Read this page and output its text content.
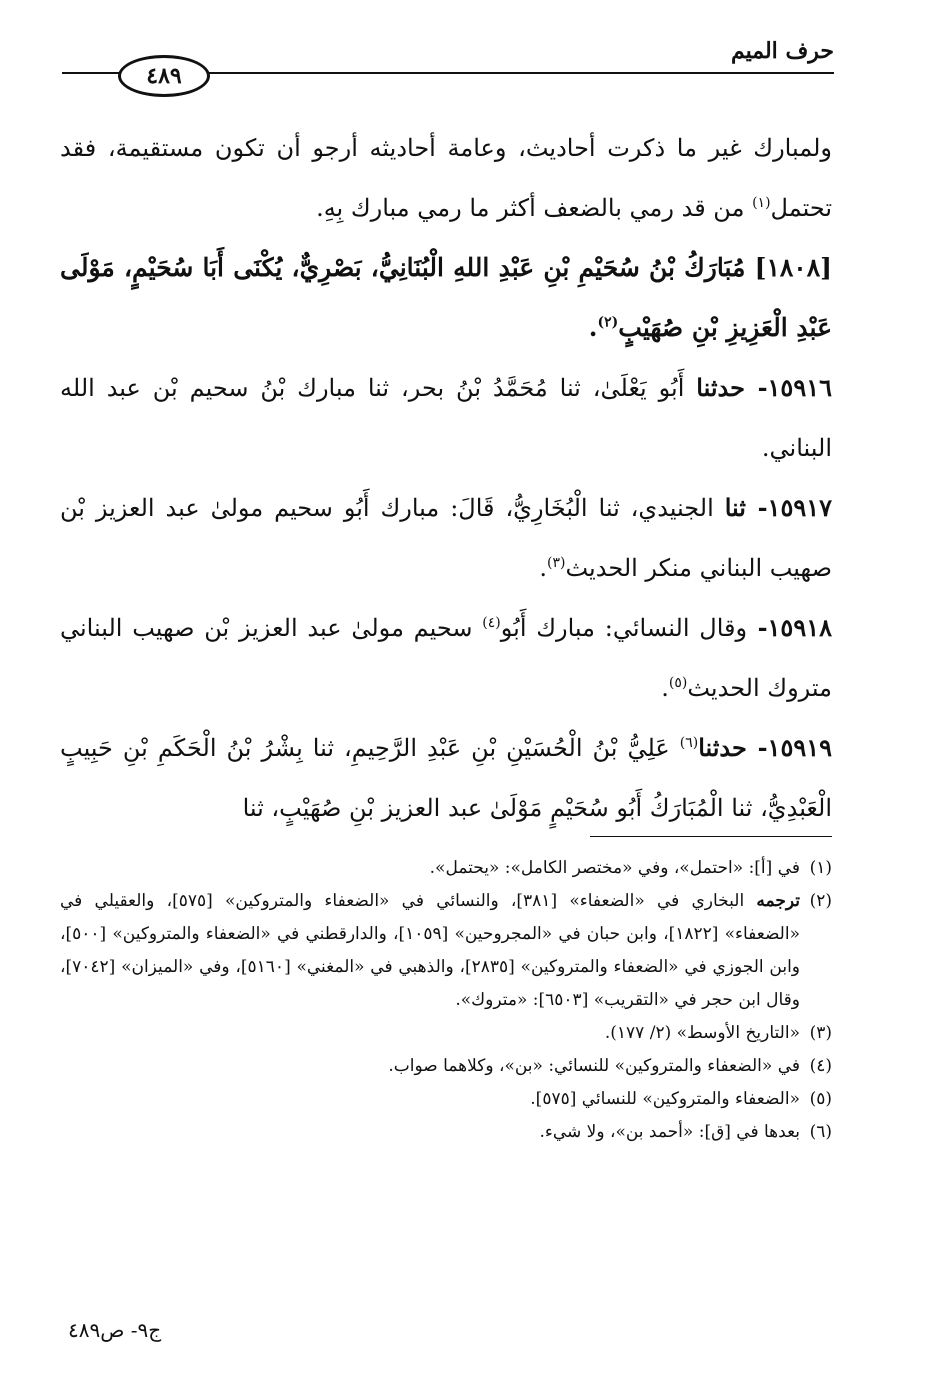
حرف الميم
٤٨٩

ولمبارك غير ما ذكرت أحاديث، وعامة أحاديثه أرجو أن تكون مستقيمة، فقد تحتمل$^{(١)}$ من قد رمي بالضعف أكثر ما رمي مبارك بِهِ.

[١٨٠٨] مُبَارَكُ بْنُ سُحَيْمِ بْنِ عَبْدِ اللهِ الْبُنَانِيُّ، بَصْرِيٌّ، يُكْنَى أَبَا سُحَيْمٍ، مَوْلَى عَبْدِ الْعَزِيزِ بْنِ صُهَيْبٍ$^{(٢)}$.

١٥٩١٦- حدثنا أَبُو يَعْلَىٰ، ثنا مُحَمَّدُ بْنُ بحر، ثنا مبارك بْنُ سحيم بْن عبد الله البناني.

١٥٩١٧- ثنا الجنيدي، ثنا الْبُخَارِيُّ، قَالَ: مبارك أَبُو سحيم مولىٰ عبد العزيز بْن صهيب البناني منكر الحديث$^{(٣)}$.

١٥٩١٨- وقال النسائي: مبارك أَبُو$^{(٤)}$ سحيم مولىٰ عبد العزيز بْن صهيب البناني متروك الحديث$^{(٥)}$.

١٥٩١٩- حدثنا$^{(٦)}$ عَلِيُّ بْنُ الْحُسَيْنِ بْنِ عَبْدِ الرَّحِيمِ، ثنا بِشْرُ بْنُ الْحَكَمِ بْنِ حَبِيبٍ الْعَبْدِيُّ، ثنا الْمُبَارَكُ أَبُو سُحَيْمٍ مَوْلَىٰ عبد العزيز بْنِ صُهَيْبٍ، ثنا

(١)
في [أ]: «احتمل»، وفي «مختصر الكامل»: «يحتمل».
(٢)
ترجمه البخاري في «الضعفاء» [٣٨١]، والنسائي في «الضعفاء والمتروكين» [٥٧٥]، والعقيلي في «الضعفاء» [١٨٢٢]، وابن حبان في «المجروحين» [١٠٥٩]، والدارقطني في «الضعفاء والمتروكين» [٥٠٠]، وابن الجوزي في «الضعفاء والمتروكين» [٢٨٣٥]، والذهبي في «المغني» [٥١٦٠]، وفي «الميزان» [٧٠٤٢]، وقال ابن حجر في «التقريب» [٦٥٠٣]: «متروك».
(٣)
«التاريخ الأوسط» (٢/ ١٧٧).
(٤)
في «الضعفاء والمتروكين» للنسائي: «بن»، وكلاهما صواب.
(٥)
«الضعفاء والمتروكين» للنسائي [٥٧٥].
(٦)
بعدها في [ق]: «أحمد بن»، ولا شيء.
ج٩- ص٤٨٩
